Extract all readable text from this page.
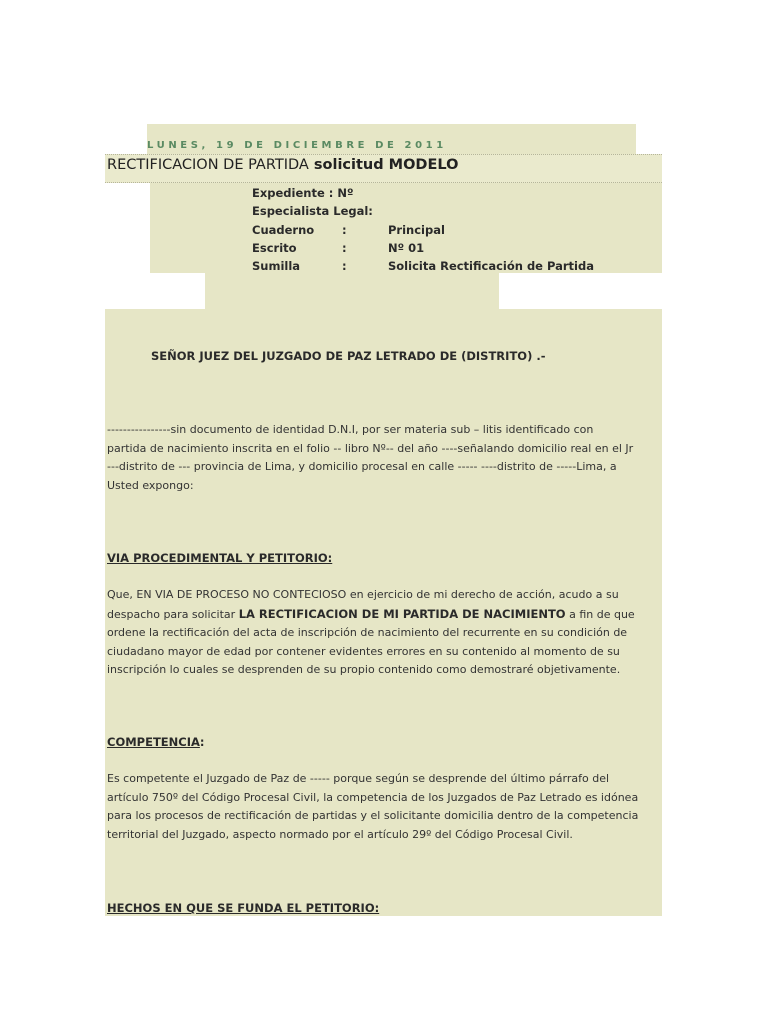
LUNES, 19 DE DICIEMBRE DE 2011
RECTIFICACION DE PARTIDA solicitud MODELO
Expediente : Nº
Especialista Legal:
Cuaderno :	Principal
Escrito	:	Nº 01
Sumilla	:	Solicita Rectificación de Partida
SEÑOR JUEZ DEL JUZGADO DE PAZ LETRADO DE (DISTRITO) .-
----------------sin documento de identidad D.N.I, por ser materia sub – litis identificado con
partida de nacimiento inscrita en el folio -- libro Nº-- del año ----señalando domicilio real en el Jr
---distrito de --- provincia de Lima, y domicilio procesal en calle ----- ----distrito de -----Lima, a
Usted expongo:
VIA PROCEDIMENTAL Y PETITORIO:
Que, EN VIA DE PROCESO NO CONTECIOSO en ejercicio de mi derecho de acción, acudo a su
despacho para solicitar LA RECTIFICACION DE MI PARTIDA DE NACIMIENTO a fin de que
ordene la rectificación del acta de inscripción de nacimiento del recurrente en su condición de
ciudadano mayor de edad por contener evidentes errores en su contenido al momento de su
inscripción lo cuales se desprenden de su propio contenido como demostraré objetivamente.
COMPETENCIA:
Es competente el Juzgado de Paz de ----- porque según se desprende del último párrafo del
artículo 750º del Código Procesal Civil, la competencia de los Juzgados de Paz Letrado es idónea
para los procesos de rectificación de partidas y el solicitante domicilia dentro de la competencia
territorial del Juzgado, aspecto normado por el artículo 29º del Código Procesal Civil.
HECHOS EN QUE SE FUNDA EL PETITORIO:
